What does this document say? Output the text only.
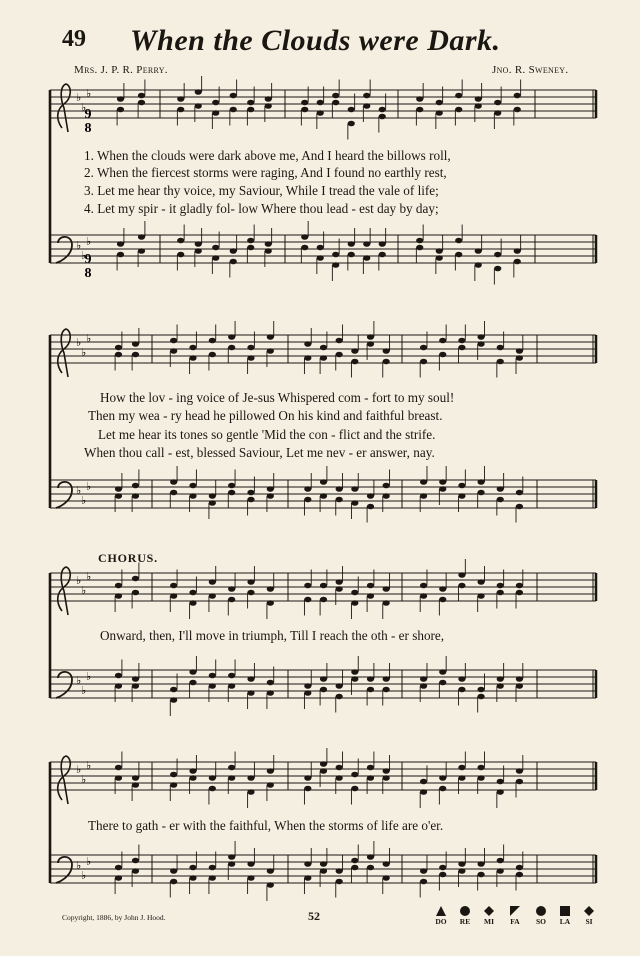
49 When the Clouds were Dark.
Mrs. J. P. R. Perry.	Jno. R. Sweney.
9
8
9
8
♭
♭
♭
♭
♭
♭
♭
♭
♭
♭
♭
♭
♭
♭
♭
♭
♭
♭
♭
♭
♭
♭
♭
♭
1. When the clouds were dark above me, And I heard the billows roll,
2. When the fiercest storms were raging, And I found no earthly rest,
3. Let me hear thy voice, my Saviour, While I tread the vale of life;
4. Let my spir - it gladly fol- low Where thou lead - est day by day;
How the lov - ing voice of Je-sus Whispered com - fort to my soul!
Then my wea - ry head he pillowed On his kind and faithful breast.
Let me hear its tones so gentle 'Mid the con - flict and the strife.
When thou call - est, blessed Saviour, Let me nev - er answer, nay.
CHORUS.
Onward, then, I'll move in triumph, Till I reach the oth - er shore,
There to gath - er with the faithful, When the storms of life are o'er.
Copyright, 1886, by John J. Hood.	52	DO	RE	MI	FA	SO	LA	SI
